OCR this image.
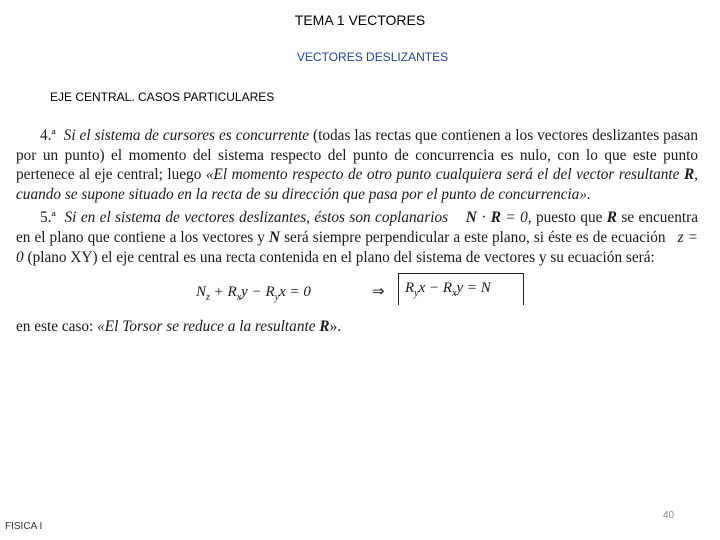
TEMA 1 VECTORES
VECTORES DESLIZANTES
EJE CENTRAL. CASOS PARTICULARES

4.ª Si el sistema de cursores es concurrente (todas las rectas que contienen a los vectores deslizantes pasan por un punto) el momento del sistema respecto del punto de concurrencia es nulo, con lo que este punto pertenece al eje central; luego «El momento respecto de otro punto cualquiera será el del vector resultante R, cuando se supone situado en la recta de su dirección que pasa por el punto de concurrencia».

5.ª Si en el sistema de vectores deslizantes, éstos son coplanarios N · R = 0, puesto que R se encuentra en el plano que contiene a los vectores y N será siempre perpendicular a este plano, si éste es de ecuación   z = 0 (plano XY) el eje central es una recta contenida en el plano del sistema de vectores y su ecuación será:

$N_z + R_xy - R_yx = 0$	⇒	$R_yx - R_xy = N$

en este caso: «El Torsor se reduce a la resultante R».

FISICA I
40
